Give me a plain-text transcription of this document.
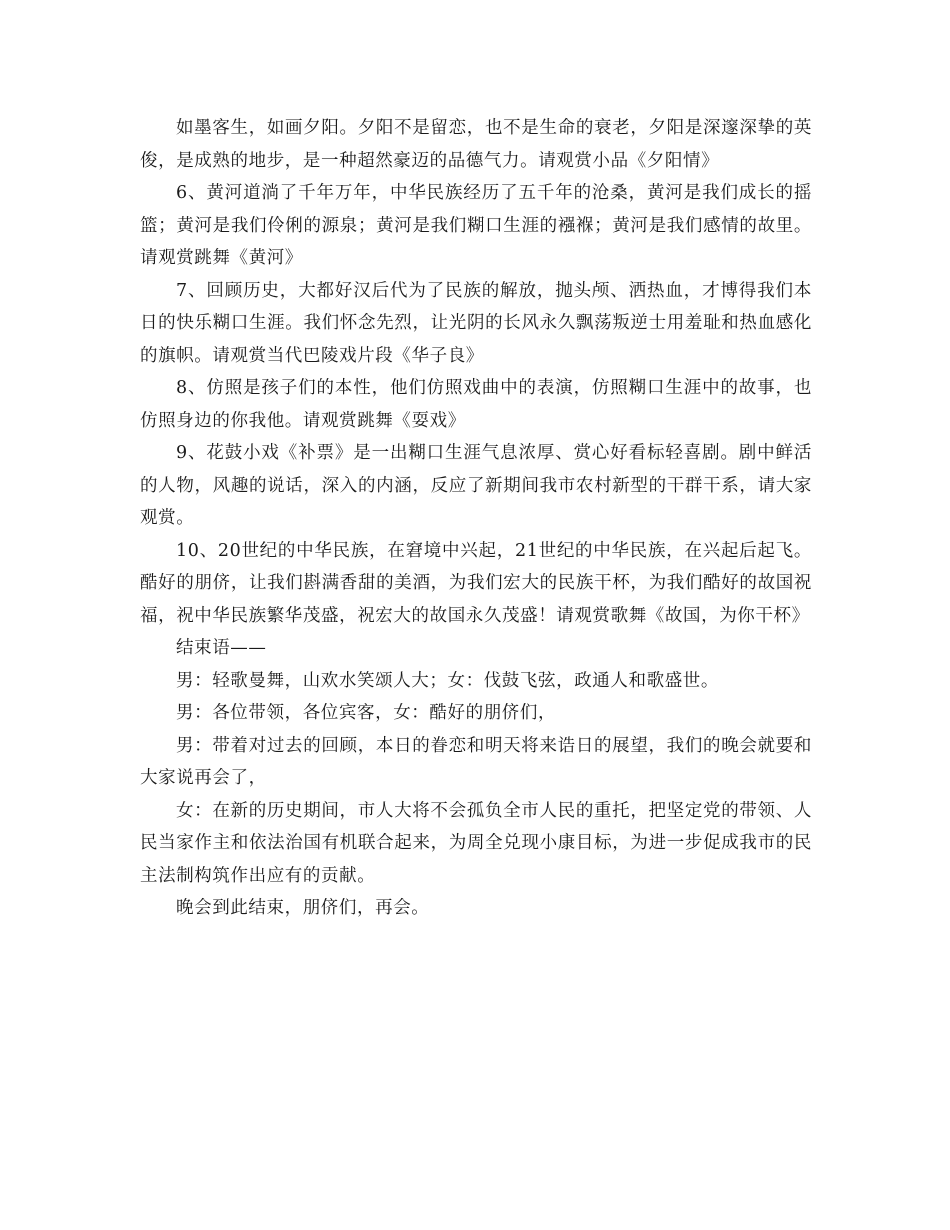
如墨客生，如画夕阳。夕阳不是留恋，也不是生命的衰老，夕阳是深邃深挚的英俊，是成熟的地步，是一种超然豪迈的品德气力。请观赏小品《夕阳情》

6、黄河道淌了千年万年，中华民族经历了五千年的沧桑，黄河是我们成长的摇篮；黄河是我们伶俐的源泉；黄河是我们糊口生涯的襁褓；黄河是我们感情的故里。请观赏跳舞《黄河》

7、回顾历史，大都好汉后代为了民族的解放，抛头颅、洒热血，才博得我们本日的快乐糊口生涯。我们怀念先烈，让光阴的长风永久飘荡叛逆士用羞耻和热血感化的旗帜。请观赏当代巴陵戏片段《华子良》

8、仿照是孩子们的本性，他们仿照戏曲中的表演，仿照糊口生涯中的故事，也仿照身边的你我他。请观赏跳舞《耍戏》

9、花鼓小戏《补票》是一出糊口生涯气息浓厚、赏心好看标轻喜剧。剧中鲜活的人物，风趣的说话，深入的内涵，反应了新期间我市农村新型的干群干系，请大家观赏。

10、20世纪的中华民族，在窘境中兴起，21世纪的中华民族，在兴起后起飞。酷好的朋侪，让我们斟满香甜的美酒，为我们宏大的民族干杯，为我们酷好的故国祝福，祝中华民族繁华茂盛，祝宏大的故国永久茂盛！请观赏歌舞《故国，为你干杯》

结束语——

男：轻歌曼舞，山欢水笑颂人大；女：伐鼓飞弦，政通人和歌盛世。

男：各位带领，各位宾客，女：酷好的朋侪们，

男：带着对过去的回顾，本日的眷恋和明天将来诰日的展望，我们的晚会就要和大家说再会了，

女：在新的历史期间，市人大将不会孤负全市人民的重托，把坚定党的带领、人民当家作主和依法治国有机联合起来，为周全兑现小康目标，为进一步促成我市的民主法制构筑作出应有的贡献。

晚会到此结束，朋侪们，再会。
